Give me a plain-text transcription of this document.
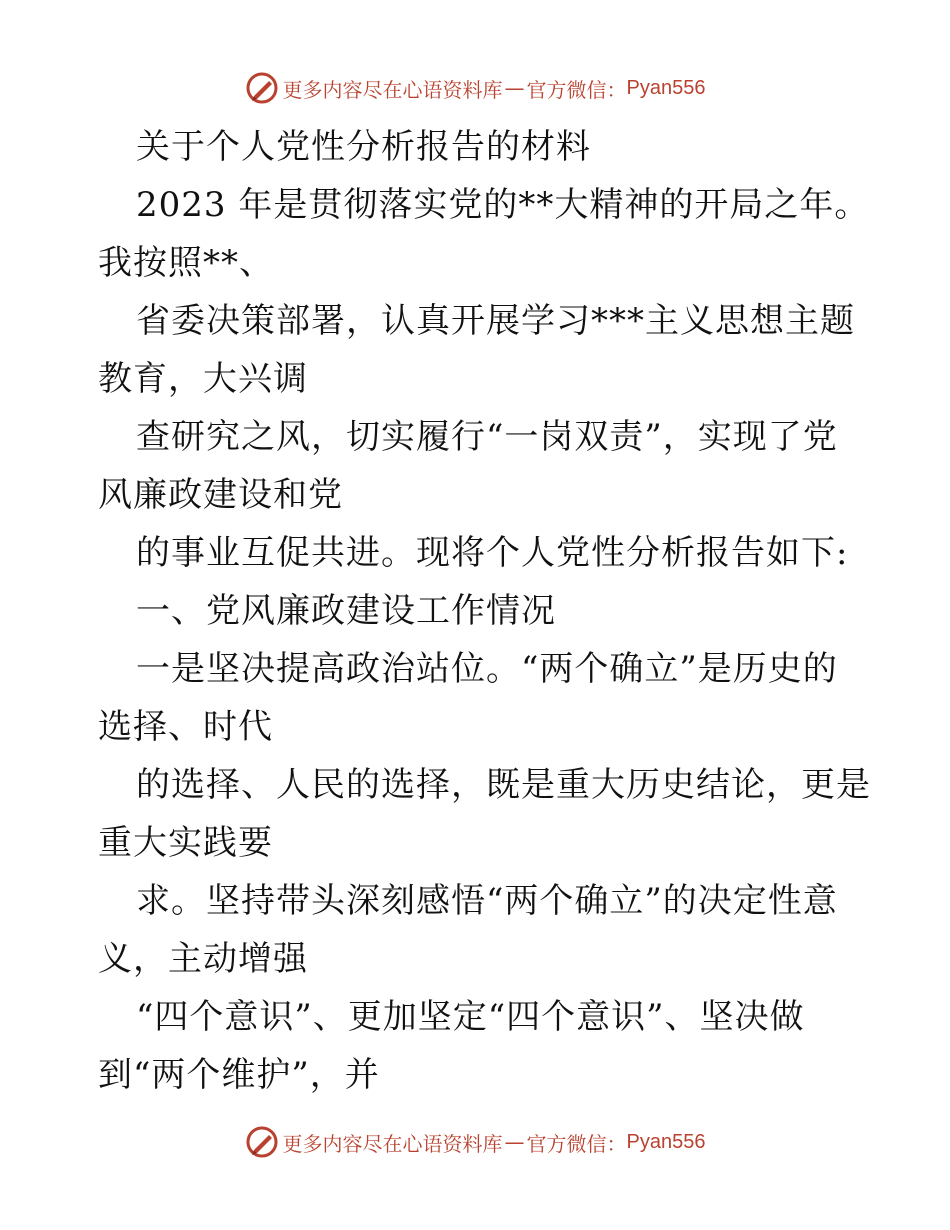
更多内容尽在心语资料库 — 官方微信： Pyan556
关于个人党性分析报告的材料
2023 年是贯彻落实党的**大精神的开局之年。
我按照**、
省委决策部署，认真开展学习***主义思想主题
教育，大兴调
查研究之风，切实履行“一岗双责”，实现了党
风廉政建设和党
的事业互促共进。现将个人党性分析报告如下:
一、党风廉政建设工作情况
一是坚决提高政治站位。“两个确立”是历史的
选择、时代
的选择、人民的选择，既是重大历史结论，更是
重大实践要
求。坚持带头深刻感悟“两个确立”的决定性意
义，主动增强
“四个意识”、更加坚定“四个意识”、坚决做
到“两个维护”，并
更多内容尽在心语资料库 — 官方微信： Pyan556
